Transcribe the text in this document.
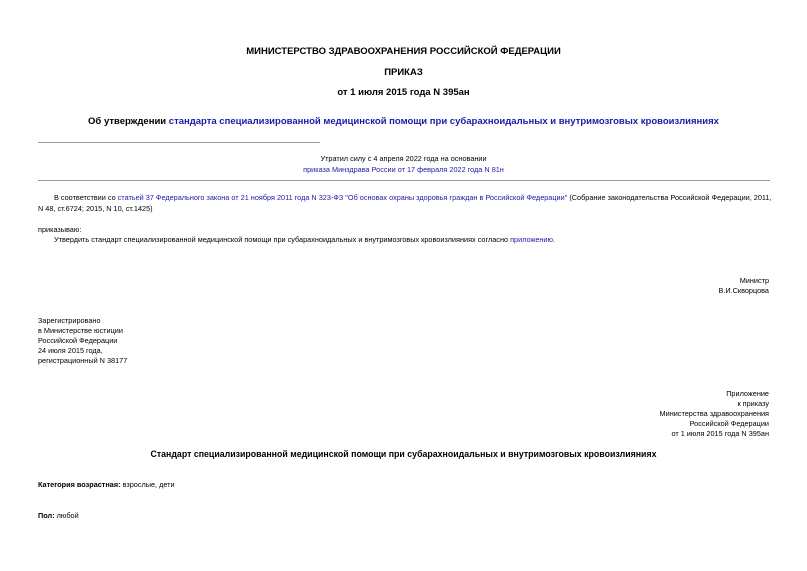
МИНИСТЕРСТВО ЗДРАВООХРАНЕНИЯ РОССИЙСКОЙ ФЕДЕРАЦИИ
ПРИКАЗ
от 1 июля 2015 года N 395ан
Об утверждении стандарта специализированной медицинской помощи при субарахноидальных и внутримозговых кровоизлияниях
Утратил силу с 4 апреля 2022 года на основании
приказа Минздрава России от 17 февраля 2022 года N 81н
В соответствии со статьей 37 Федерального закона от 21 ноября 2011 года N 323-ФЗ "Об основах охраны здоровья граждан в Российской Федерации" (Собрание законодательства Российской Федерации, 2011, N 48, ст.6724; 2015, N 10, ст.1425)
приказываю:
Утвердить стандарт специализированной медицинской помощи при субарахноидальных и внутримозговых кровоизлияниях согласно приложению.
Министр
В.И.Скворцова
Зарегистрировано
в Министерстве юстиции
Российской Федерации
24 июля 2015 года,
регистрационный N 38177
Приложение
к приказу
Министерства здравоохранения
Российской Федерации
от 1 июля 2015 года N 395ан
Стандарт специализированной медицинской помощи при субарахноидальных и внутримозговых кровоизлияниях
Категория возрастная: взрослые, дети
Пол: любой
